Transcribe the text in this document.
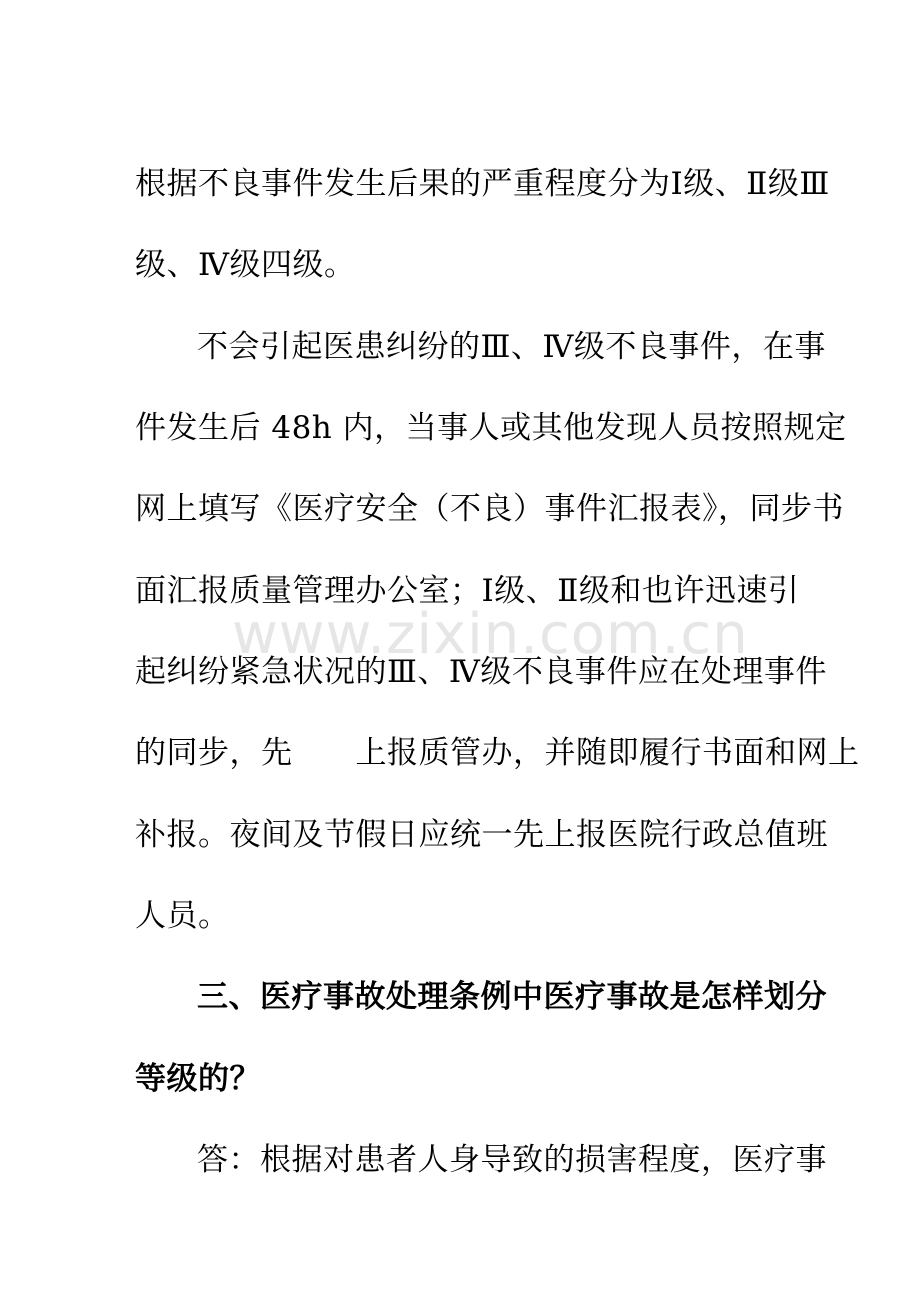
根据不良事件发生后果的严重程度分为Ⅰ级、Ⅱ级Ⅲ
级、Ⅳ级四级。
不会引起医患纠纷的Ⅲ、Ⅳ级不良事件，在事
件发生后 48h 内，当事人或其他发现人员按照规定
网上填写《医疗安全（不良）事件汇报表》，同步书
面汇报质量管理办公室；Ⅰ级、Ⅱ级和也许迅速引
起纠纷紧急状况的Ⅲ、Ⅳ级不良事件应在处理事件
的同步，先　　上报质管办，并随即履行书面和网上
补报。夜间及节假日应统一先上报医院行政总值班
人员。
三、医疗事故处理条例中医疗事故是怎样划分
等级的？
答：根据对患者人身导致的损害程度，医疗事
www.zixin.com.cn
